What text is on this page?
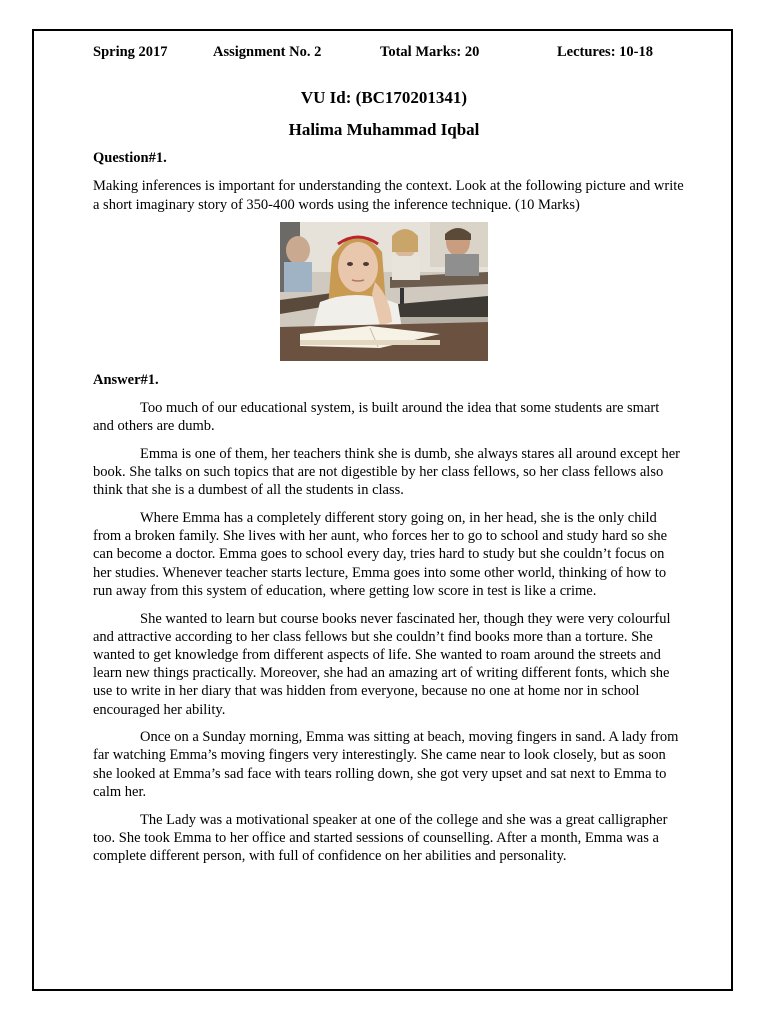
Spring 2017	Assignment No. 2	Total Marks: 20	Lectures: 10-18
VU Id: (BC170201341)
Halima Muhammad Iqbal
Question#1.

Making inferences is important for understanding the context. Look at the following picture and write a short imaginary story of 350-400 words using the inference technique. (10 Marks)

Answer#1.

Too much of our educational system, is built around the idea that some students are smart and others are dumb.

Emma is one of them, her teachers think she is dumb, she always stares all around except her book. She talks on such topics that are not digestible by her class fellows, so her class fellows also think that she is a dumbest of all the students in class.

Where Emma has a completely different story going on, in her head, she is the only child from a broken family. She lives with her aunt, who forces her to go to school and study hard so she can become a doctor. Emma goes to school every day, tries hard to study but she couldn’t focus on her studies. Whenever teacher starts lecture, Emma goes into some other world, thinking of how to run away from this system of education, where getting low score in test is like a crime.

She wanted to learn but course books never fascinated her, though they were very colourful and attractive according to her class fellows but she couldn’t find books more than a torture. She wanted to get knowledge from different aspects of life. She wanted to roam around the streets and learn new things practically. Moreover, she had an amazing art of writing different fonts, which she use to write in her diary that was hidden from everyone, because no one at home nor in school encouraged her ability.

Once on a Sunday morning, Emma was sitting at beach, moving fingers in sand. A lady from far watching Emma’s moving fingers very interestingly. She came near to look closely, but as soon she looked at Emma’s sad face with tears rolling down, she got very upset and sat next to Emma to calm her.

The Lady was a motivational speaker at one of the college and she was a great calligrapher too. She took Emma to her office and started sessions of counselling. After a month, Emma was a complete different person, with full of confidence on her abilities and personality.
